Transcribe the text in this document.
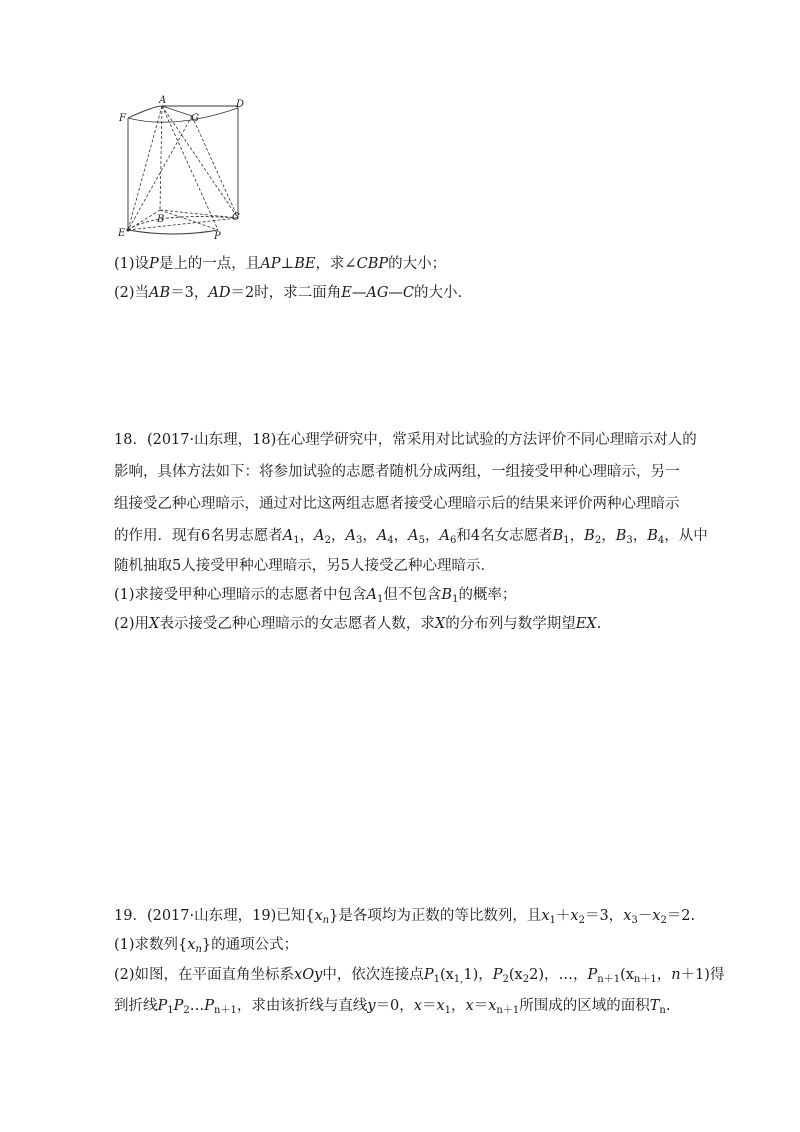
A	D
F	G
B	C
E	P
(1)设P是上的一点，且AP⊥BE，求∠CBP的大小；
(2)当AB＝3，AD＝2时，求二面角E—AG—C的大小.
18．(2017·山东理，18)在心理学研究中，常采用对比试验的方法评价不同心理暗示对人的
影响，具体方法如下：将参加试验的志愿者随机分成两组，一组接受甲种心理暗示，另一
组接受乙种心理暗示，通过对比这两组志愿者接受心理暗示后的结果来评价两种心理暗示
的作用．现有6名男志愿者$A_1$，$A_2$，$A_3$，$A_4$，$A_5$，$A_6$和4名女志愿者$B_1$，$B_2$，$B_3$，$B_4$，从中
随机抽取5人接受甲种心理暗示，另5人接受乙种心理暗示．
(1)求接受甲种心理暗示的志愿者中包含$A_1$但不包含$B_1$的概率；
(2)用X表示接受乙种心理暗示的女志愿者人数，求X的分布列与数学期望EX.
19．(2017·山东理，19)已知$\{x_n\}$是各项均为正数的等比数列，且$x_1+x_2=3$，$x_3-x_2=2$.
(1)求数列$\{x_n\}$的通项公式；
(2)如图，在平面直角坐标系xOy中，依次连接点$P_1(x_{1,}1)$，$P_2(x_22)$，…，$P_{n+1}(x_{n+1}$，n＋1)得
到折线$P_1P_2\dots P_{n+1}$，求由该折线与直线y＝0，$x=x_1$，$x=x_{n+1}$所围成的区域的面积$T_n$.
